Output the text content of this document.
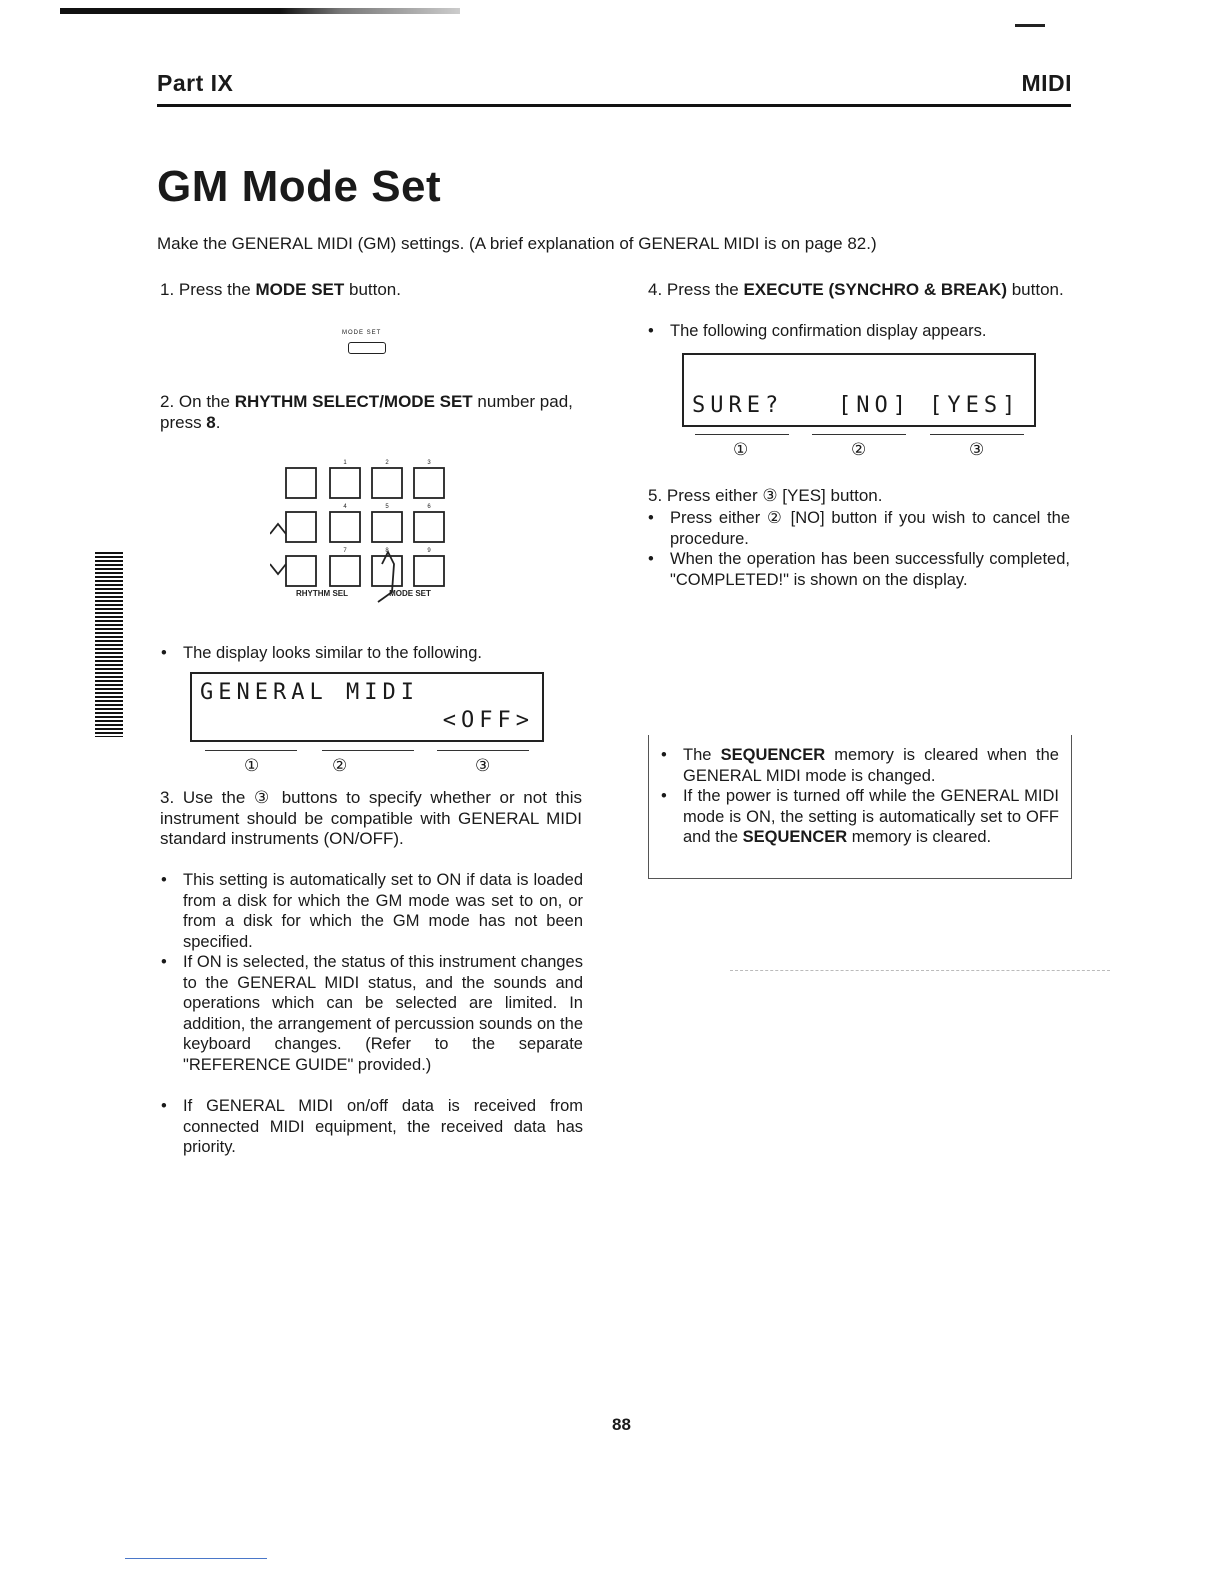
Part IX	MIDI
GM Mode Set
Make the GENERAL MIDI (GM) settings. (A brief explanation of GENERAL MIDI is on page 82.)
1. Press the MODE SET button.
MODE SET
2. On the RHYTHM SELECT/MODE SET number pad, press 8.
1	2	3
4	5	6
7	8	9
RHYTHM SEL	MODE SET
• The display looks similar to the following.
GENERAL MIDI
<OFF>
①	②	③
3. Use the ③ buttons to specify whether or not this instrument should be compatible with GENERAL MIDI standard instruments (ON/OFF).
• This setting is automatically set to ON if data is loaded from a disk for which the GM mode was set to on, or from a disk for which the GM mode has not been specified.
• If ON is selected, the status of this instrument changes to the GENERAL MIDI status, and the sounds and operations which can be selected are limited. In addition, the arrangement of percussion sounds on the keyboard changes. (Refer to the separate "REFERENCE GUIDE" provided.)
• If GENERAL MIDI on/off data is received from connected MIDI equipment, the received data has priority.
4. Press the EXECUTE (SYNCHRO & BREAK) button.
• The following confirmation display appears.
SURE?   [NO] [YES]
①	②	③
5. Press either ③ [YES] button.
• Press either ② [NO] button if you wish to cancel the procedure.
• When the operation has been successfully completed, "COMPLETED!" is shown on the display.
• The SEQUENCER memory is cleared when the GENERAL MIDI mode is changed.
• If the power is turned off while the GENERAL MIDI mode is ON, the setting is automatically set to OFF and the SEQUENCER memory is cleared.
88
